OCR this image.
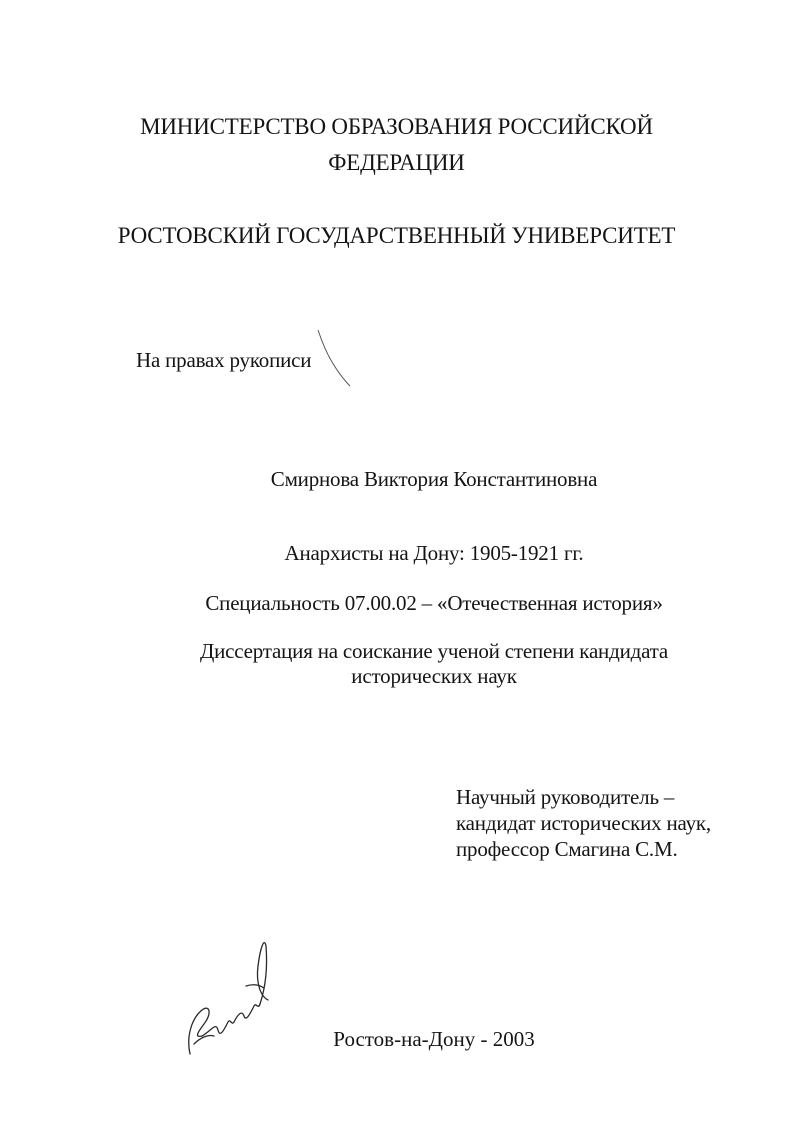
МИНИСТЕРСТВО ОБРАЗОВАНИЯ РОССИЙСКОЙ
ФЕДЕРАЦИИ
РОСТОВСКИЙ ГОСУДАРСТВЕННЫЙ УНИВЕРСИТЕТ
На правах рукописи
Смирнова Виктория Константиновна
Анархисты на Дону: 1905-1921 гг.
Специальность 07.00.02 – «Отечественная история»
Диссертация на соискание ученой степени кандидата
исторических наук
Научный руководитель –
кандидат исторических наук,
профессор Смагина С.М.
Ростов-на-Дону - 2003
